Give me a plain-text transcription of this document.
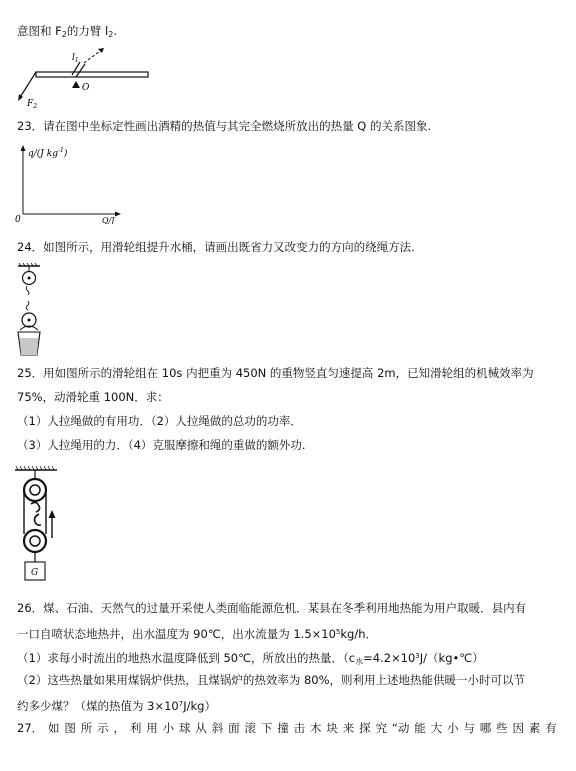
意图和 $F_2$的力臂 $l_2$.
$l_1$
O
$F_2$
23．请在图中坐标定性画出酒精的热值与其完全燃烧所放出的热量 Q 的关系图象.
q/(J $kg^{-1}$)
0	Q/J
24．如图所示，用滑轮组提升水桶，请画出既省力又改变力的方向的绕绳方法.
25．用如图所示的滑轮组在 10s 内把重为 450N 的重物竖直匀速提高 2m，已知滑轮组的机械效率为
75%，动滑轮重 100N．求：
（1）人拉绳做的有用功．（2）人拉绳做的总功的功率．
（3）人拉绳用的力．（4）克服摩擦和绳的重做的额外功.
G
26．煤、石油、天然气的过量开采使人类面临能源危机．某县在冬季利用地热能为用户取暖．县内有
一口自喷状态地热井，出水温度为 90℃，出水流量为 $1.5\times 10^5kg/h$．
（1）求每小时流出的地热水温度降低到 50℃，所放出的热量．（$c_水=4.2\times 10^3J/(kg•℃)$
（2）这些热量如果用煤锅炉供热，且煤锅炉的热效率为 80%，则利用上述地热能供暖一小时可以节
约多少煤？（煤的热值为 $3\times 10^7J/kg$）
27． 如 图 所 示 ， 利 用 小 球 从 斜 面 滚 下 撞 击 木 块 来 探 究 “动 能 大 小 与 哪 些 因 素 有
